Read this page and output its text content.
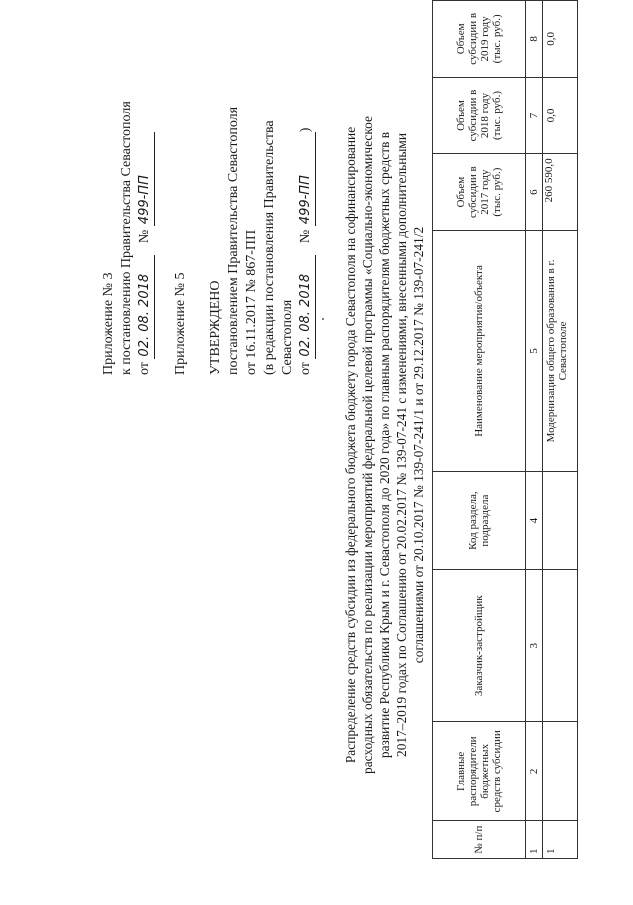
Приложение № 3 к постановлению Правительства Севастополя от 02. 08. 2018 № 499-ПП
Приложение № 5 УТВЕРЖДЕНО постановлением Правительства Севастополя от 16.11.2017 № 867-ПП (в редакции постановления Правительства Севастополя от 02. 08. 2018 № 499-ПП) Распределение средств субсидии из федерального бюджета бюджету города Севастополя на софинансирование расходных обязательств по реализации мероприятий федеральной целевой программы «Социально-экономическое развитие Республики Крым и г. Севастополя до 2020 года» по главным распорядителям бюджетных средств в 2017–2019 годах по Соглашению от 20.02.2017 № 139-07-241 с изменениями, внесенными дополнительными соглашениями от 20.10.2017 № 139-07-241/1 и от 29.12.2017 № 139-07-241/2
№ п/п	Главные распорядители бюджетных средств субсидии	Заказчик-застройщик	Код раздела, подраздела	Наименование мероприятия/объекта	Объем субсидии в 2017 году (тыс. руб.)	Объем субсидии в 2018 году (тыс. руб.)	Объем субсидии в 2019 году (тыс. руб.)
1	2	3	4	5	6	7	8
1				Модернизация общего образования в г. Севастополе	260 590,0	0,0	0,0
